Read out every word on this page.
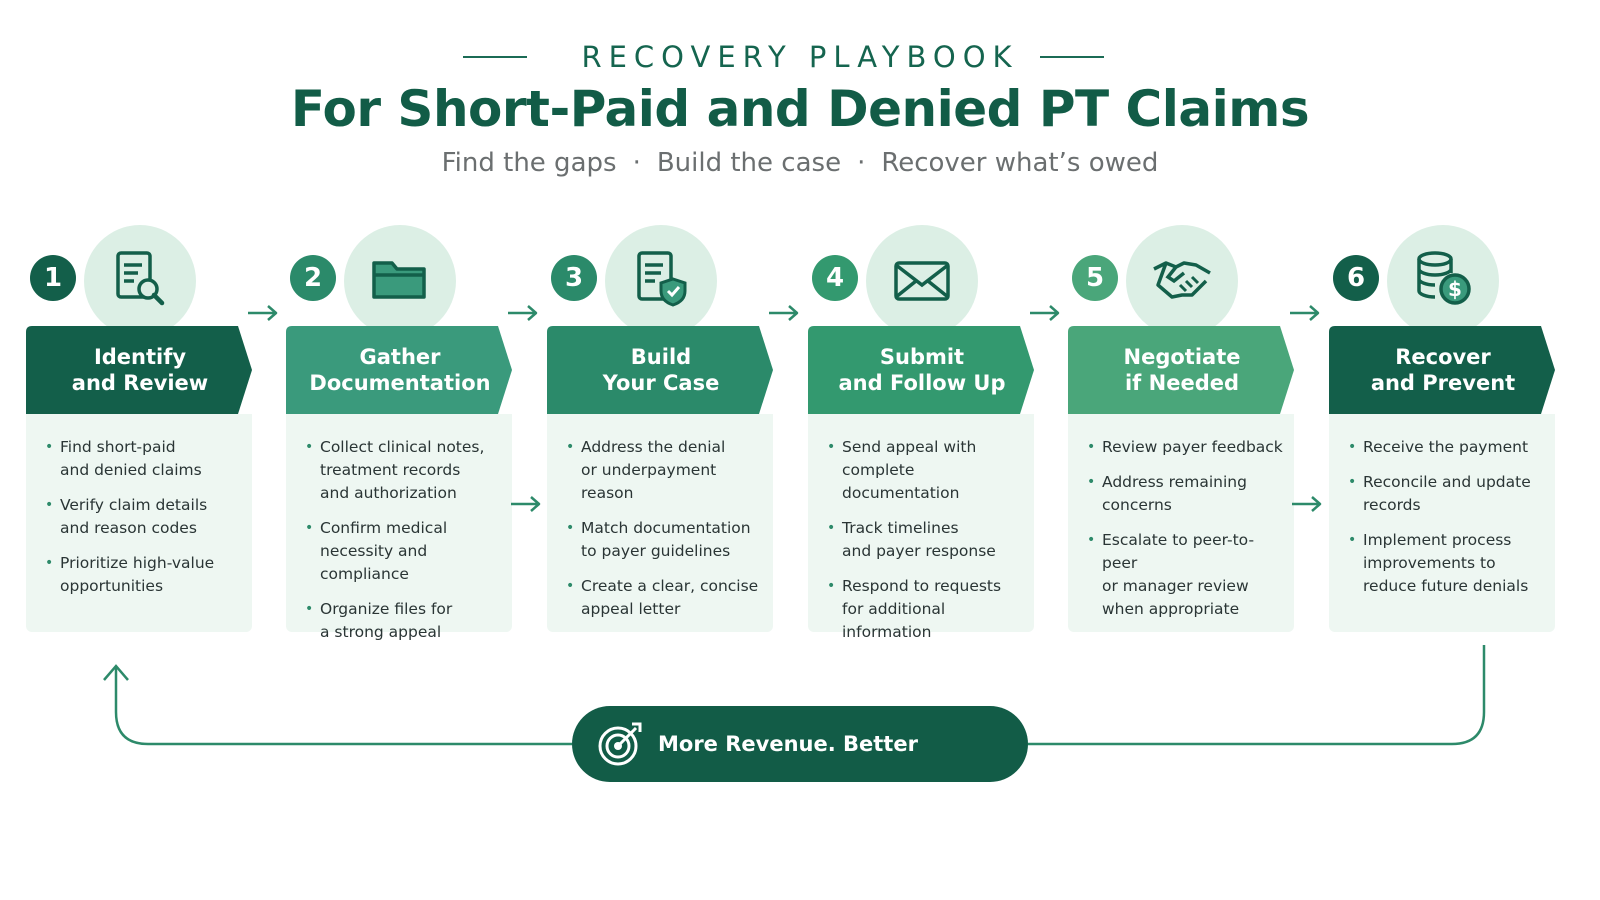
RECOVERY PLAYBOOK
For Short-Paid and Denied PT Claims
Find the gaps · Build the case · Recover what’s owed
1
Identify
and Review
• Find short-paid
and denied claims
• Verify claim details
and reason codes
• Prioritize high-value
opportunities
2
Gather
Documentation
• Collect clinical notes,
treatment records
and authorization
• Confirm medical
necessity and compliance
• Organize files for
a strong appeal
3
Build
Your Case
• Address the denial
or underpayment reason
• Match documentation
to payer guidelines
• Create a clear, concise
appeal letter
4
Submit
and Follow Up
• Send appeal with
complete documentation
• Track timelines
and payer response
• Respond to requests
for additional information
5
Negotiate
if Needed
• Review payer feedback
• Address remaining
concerns
• Escalate to peer-to-peer
or manager review
when appropriate
$
6
Recover
and Prevent
• Receive the payment
• Reconcile and update
records
• Implement process
improvements to
reduce future denials
More Revenue. Better Outcomes.
